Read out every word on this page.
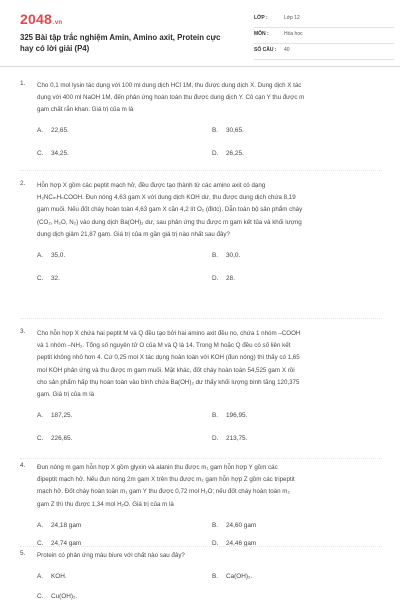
2048.vn
325 Bài tập trắc nghiệm Amin, Amino axit, Protein cực hay có lời giải (P4)
LỚP :	Lớp 12
MÔN :	Hóa học
SỐ CÂU : 40
1. Cho 0,1 mol lysin tác dụng với 100 ml dung dịch HCl 1M, thu được dung dịch X. Dung dịch X tác
dụng với 400 ml NaOH 1M, đến phản ứng hoàn toàn thu được dung dịch Y. Cô cạn Y thu được m
gam chất rắn khan. Giá trị của m là
A. 22,65.	B. 30,65.
C. 34,25.	D. 26,25.
2. Hỗn hợp X gồm các peptit mạch hở, đều được tạo thành từ các amino axit có dạng
H₂NCₘHₙCOOH. Đun nóng 4,63 gam X với dung dịch KOH dư, thu được dung dịch chứa 8,19
gam muối. Nếu đốt cháy hoàn toàn 4,63 gam X cần 4,2 lít O₂ (đktc). Dẫn toàn bộ sản phẩm cháy
(CO₂, H₂O, N₂) vào dung dịch Ba(OH)₂ dư, sau phản ứng thu được m gam kết tủa và khối lượng
dung dịch giảm 21,87 gam. Giá trị của m gần giá trị nào nhất sau đây?
A. 35,0.	B. 30,0.
C. 32.	D. 28.
3. Cho hỗn hợp X chứa hai peptit M và Q đều tạo bởi hai amino axit đều no, chứa 1 nhóm –COOH
và 1 nhóm –NH₂. Tổng số nguyên tử O của M và Q là 14. Trong M hoặc Q đều có số liên kết
peptit không nhỏ hơn 4. Cứ 0,25 mol X tác dụng hoàn toàn với KOH (đun nóng) thì thấy có 1,65
mol KOH phản ứng và thu được m gam muối. Mặt khác, đốt cháy hoàn toàn 54,525 gam X rồi
cho sản phẩm hấp thụ hoàn toàn vào bình chứa Ba(OH)₂ dư thấy khối lượng bình tăng 120,375
gam. Giá trị của m là
A. 187,25.	B. 196,95.
C. 226,65.	D. 213,75.
4. Đun nóng m gam hỗn hợp X gồm glyxin và alanin thu được m₁ gam hỗn hợp Y gồm các
đipeptit mạch hở. Nếu đun nóng 2m gam X trên thu được m₂ gam hỗn hợp Z gồm các tripeptit
mạch hở. Đốt cháy hoàn toàn m₁ gam Y thu được 0,72 mol H₂O; nếu đốt cháy hoàn toàn m₂
gam Z thì thu được 1,34 mol H₂O. Giá trị của m là
A. 24,18 gam	B. 24,60 gam
C. 24,74 gam	D. 24,46 gam
5. Protein có phản ứng màu biure với chất nào sau đây?
A. KOH.	B. Ca(OH)₂.
C. Cu(OH)₂.
